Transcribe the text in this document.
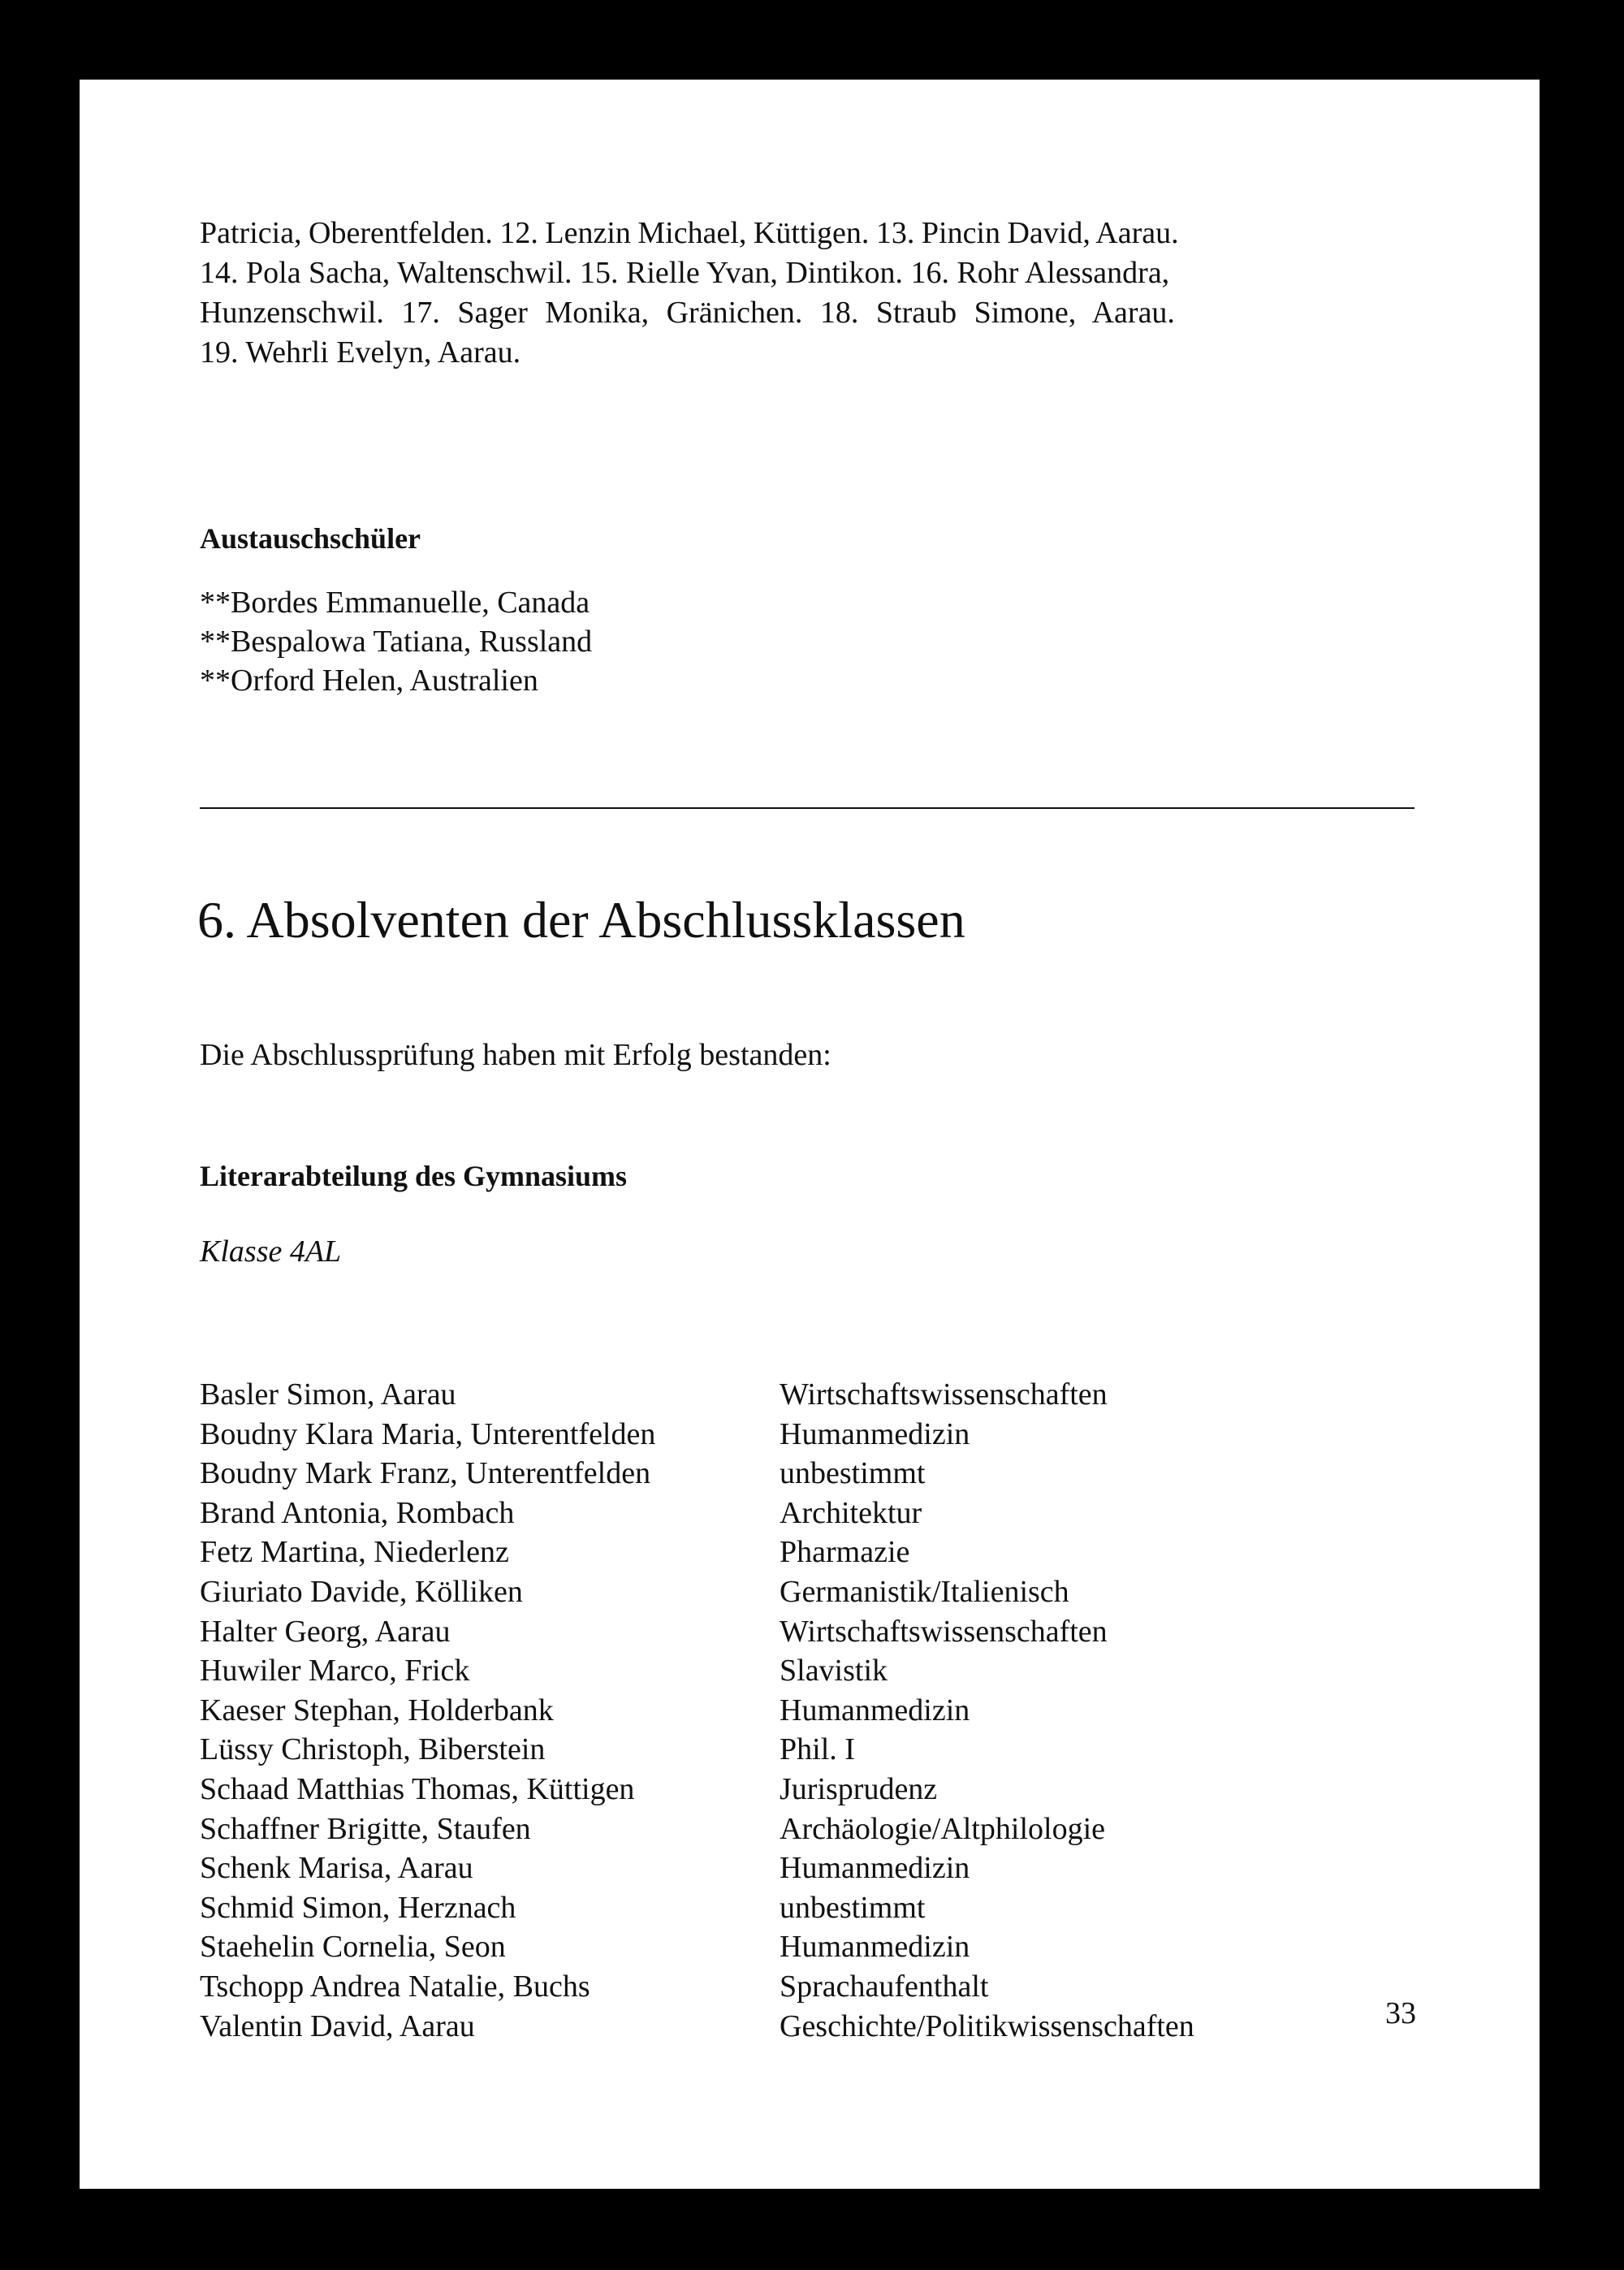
Patricia, Oberentfelden. 12. Lenzin Michael, Küttigen. 13. Pincin David, Aarau.

14. Pola Sacha, Waltenschwil. 15. Rielle Yvan, Dintikon. 16. Rohr Alessandra,

Hunzenschwil. 17. Sager Monika, Gränichen. 18. Straub Simone, Aarau.

19. Wehrli Evelyn, Aarau.

Austauschschüler
**Bordes Emmanuelle, Canada
**Bespalowa Tatiana, Russland
**Orford Helen, Australien
6. Absolventen der Abschlussklassen

Die Abschlussprüfung haben mit Erfolg bestanden:

Literarabteilung des Gymnasiums

Klasse 4AL

Basler Simon, Aarau	Wirtschaftswissenschaften
Boudny Klara Maria, Unterentfelden	Humanmedizin
Boudny Mark Franz, Unterentfelden	unbestimmt
Brand Antonia, Rombach	Architektur
Fetz Martina, Niederlenz	Pharmazie
Giuriato Davide, Kölliken	Germanistik/Italienisch
Halter Georg, Aarau	Wirtschaftswissenschaften
Huwiler Marco, Frick	Slavistik
Kaeser Stephan, Holderbank	Humanmedizin
Lüssy Christoph, Biberstein	Phil. I
Schaad Matthias Thomas, Küttigen	Jurisprudenz
Schaffner Brigitte, Staufen	Archäologie/Altphilologie
Schenk Marisa, Aarau	Humanmedizin
Schmid Simon, Herznach	unbestimmt
Staehelin Cornelia, Seon	Humanmedizin
Tschopp Andrea Natalie, Buchs	Sprachaufenthalt
Valentin David, Aarau	Geschichte/Politikwissenschaften	33
